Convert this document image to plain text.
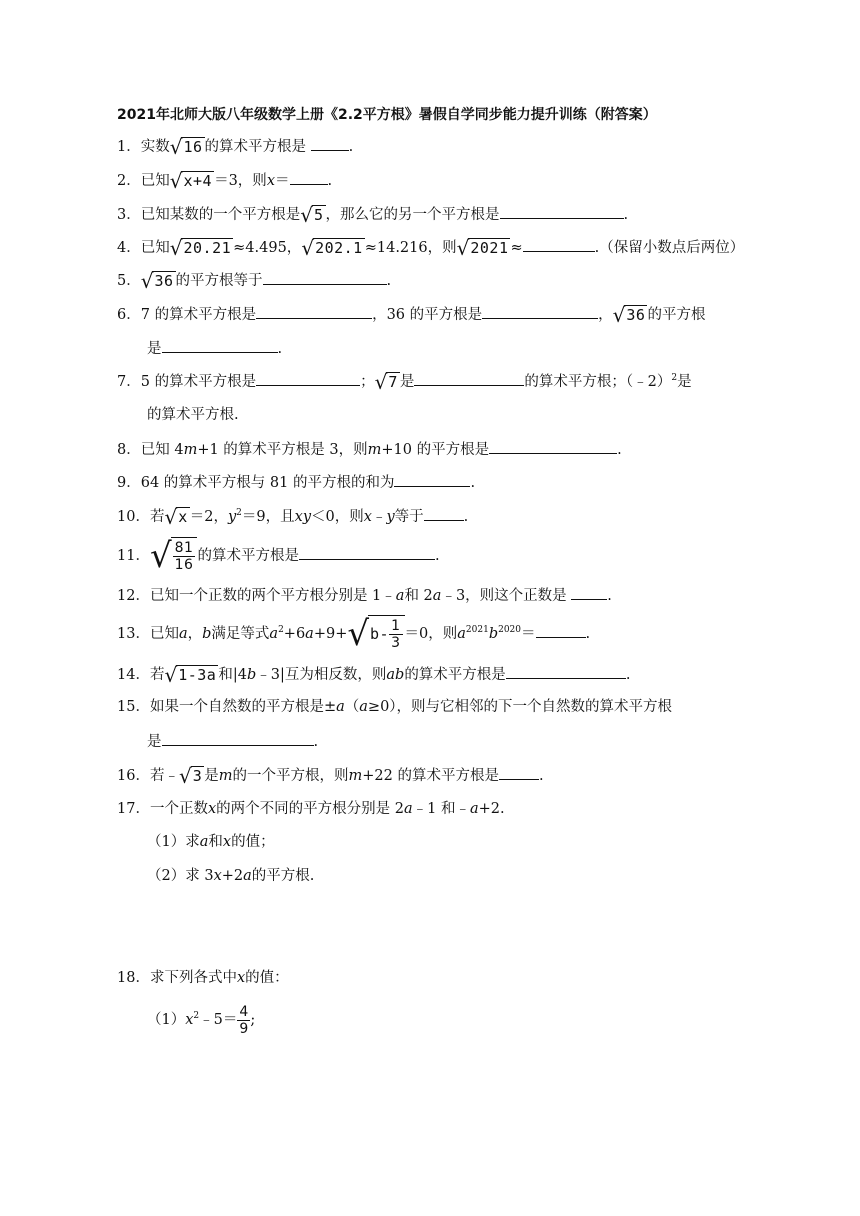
2021年北师大版八年级数学上册《2.2平方根》暑假自学同步能力提升训练（附答案）
1．实数 √ 16 的算术平方根是	.
2．已知 √ x+4 ＝3，则x＝	.
3．已知某数的一个平方根是 √ 5 ，那么它的另一个平方根是	.
4．已知 √ 20.21 ≈4.495， √ 202.1 ≈14.216，则 √ 2021 ≈	.（保留小数点后两位）
5． √ 36 的平方根等于	.
6．7 的算术平方根是	，36 的平方根是	， √ 36 的平方根
是	.
7．5 的算术平方根是	； √ 7 是	的算术平方根；（﹣2）$^2$是
的算术平方根.
8．已知 4m+1 的算术平方根是 3，则m+10 的平方根是	.
9．64 的算术平方根与 81 的平方根的和为	.
10．若 √ x ＝2，$y^2=9$，且xy＜0，则x﹣y等于	.
11． √ $\frac{81}{16}$ 的算术平方根是	.
12．已知一个正数的两个平方根分别是 1﹣a和 2a﹣3，则这个正数是	.
13．已知a，b满足等式$a^2+6a+9+$ √ $b- \frac{1}{3} =0$，则$a^{2021}b^{2020}=$	.
14．若 √ 1-3a 和|4b﹣3|互为相反数，则ab的算术平方根是	.
15．如果一个自然数的平方根是±a（a≥0），则与它相邻的下一个自然数的算术平方根
是	.
16．若﹣ √ 3 是m的一个平方根，则m+22 的算术平方根是	.
17．一个正数x的两个不同的平方根分别是 2a﹣1 和﹣a+2.
（1）求a和x的值；
（2）求 3x+2a的平方根.
18．求下列各式中x的值：
$(1)x^2﹣5= \frac{4}{9}$ ;
